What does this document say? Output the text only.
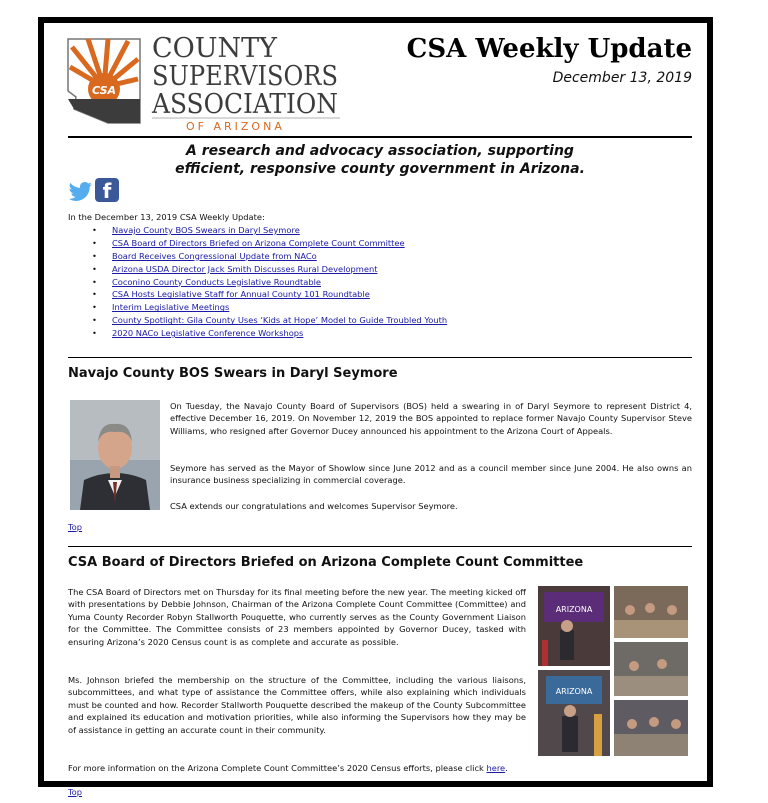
CSA
COUNTY
SUPERVISORS
ASSOCIATION
OF ARIZONA
CSA Weekly Update
December 13, 2019
A research and advocacy association, supporting
efficient, responsive county government in Arizona.
f
In the December 13, 2019 CSA Weekly Update:
• Navajo County BOS Swears in Daryl Seymore
• CSA Board of Directors Briefed on Arizona Complete Count Committee
• Board Receives Congressional Update from NACo
• Arizona USDA Director Jack Smith Discusses Rural Development
• Coconino County Conducts Legislative Roundtable
• CSA Hosts Legislative Staff for Annual County 101 Roundtable
• Interim Legislative Meetings
• County Spotlight: Gila County Uses ‘Kids at Hope’ Model to Guide Troubled Youth
• 2020 NACo Legislative Conference Workshops
Navajo County BOS Swears in Daryl Seymore
On Tuesday, the Navajo County Board of Supervisors (BOS) held a swearing in of Daryl Seymore to represent District 4, effective December 16, 2019. On November 12, 2019 the BOS appointed to replace former Navajo County Supervisor Steve Williams, who resigned after Governor Ducey announced his appointment to the Arizona Court of Appeals.
Seymore has served as the Mayor of Showlow since June 2012 and as a council member since June 2004. He also owns an insurance business specializing in commercial coverage.
CSA extends our congratulations and welcomes Supervisor Seymore.
Top
CSA Board of Directors Briefed on Arizona Complete Count Committee
The CSA Board of Directors met on Thursday for its final meeting before the new year. The meeting kicked off with presentations by Debbie Johnson, Chairman of the Arizona Complete Count Committee (Committee) and Yuma County Recorder Robyn Stallworth Pouquette, who currently serves as the County Government Liaison for the Committee. The Committee consists of 23 members appointed by Governor Ducey, tasked with ensuring Arizona’s 2020 Census count is as complete and accurate as possible.
Ms. Johnson briefed the membership on the structure of the Committee, including the various liaisons, subcommittees, and what type of assistance the Committee offers, while also explaining which individuals must be counted and how. Recorder Stallworth Pouquette described the makeup of the County Subcommittee and explained its education and motivation priorities, while also informing the Supervisors how they may be of assistance in getting an accurate count in their community.
ARIZONA
ARIZONA
For more information on the Arizona Complete Count Committee’s 2020 Census efforts, please click here.
Top
